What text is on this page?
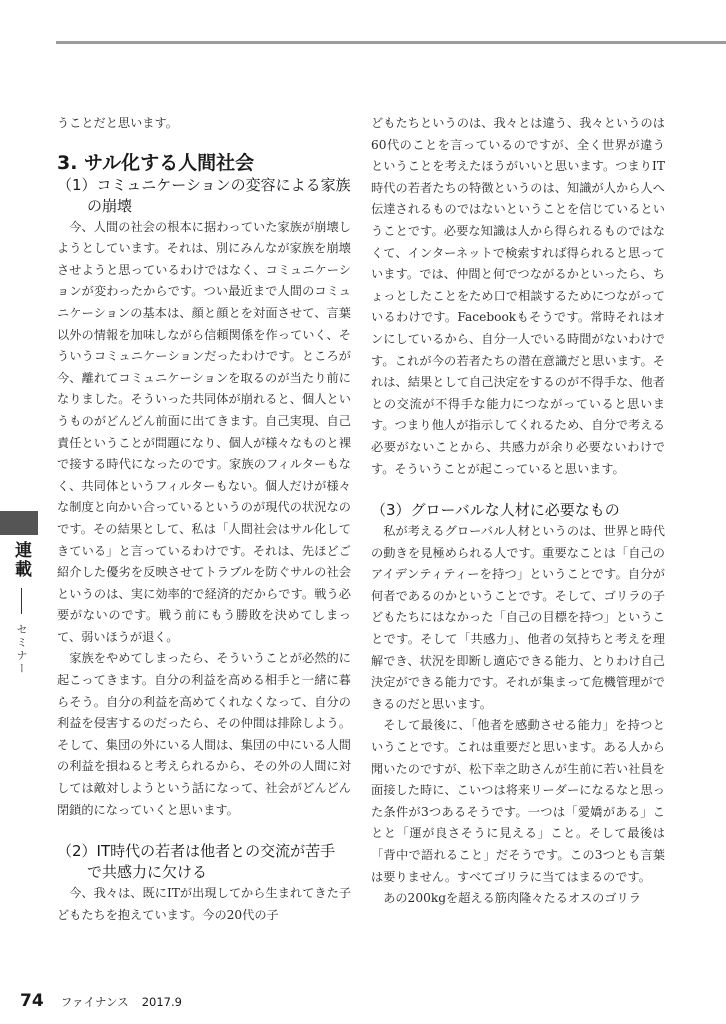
うことだと思います。

3. サル化する人間社会
（1）コミュニケーションの変容による家族
の崩壊

今、人間の社会の根本に据わっていた家族が崩壊しようとしています。それは、別にみんなが家族を崩壊させようと思っているわけではなく、コミュニケーションが変わったからです。つい最近まで人間のコミュニケーションの基本は、顔と顔とを対面させて、言葉以外の情報を加味しながら信頼関係を作っていく、そういうコミュニケーションだったわけです。ところが今、離れてコミュニケーションを取るのが当たり前になりました。そういった共同体が崩れると、個人というものがどんどん前面に出てきます。自己実現、自己責任ということが問題になり、個人が様々なものと裸で接する時代になったのです。家族のフィルターもなく、共同体というフィルターもない。個人だけが様々な制度と向かい合っているというのが現代の状況なのです。その結果として、私は「人間社会はサル化してきている」と言っているわけです。それは、先ほどご紹介した優劣を反映させてトラブルを防ぐサルの社会というのは、実に効率的で経済的だからです。戦う必要がないのです。戦う前にもう勝敗を決めてしまって、弱いほうが退く。

家族をやめてしまったら、そういうことが必然的に起こってきます。自分の利益を高める相手と一緒に暮らそう。自分の利益を高めてくれなくなって、自分の利益を侵害するのだったら、その仲間は排除しよう。そして、集団の外にいる人間は、集団の中にいる人間の利益を損ねると考えられるから、その外の人間に対しては敵対しようという話になって、社会がどんどん閉鎖的になっていくと思います。

（2）IT時代の若者は他者との交流が苦手
で共感力に欠ける

今、我々は、既にITが出現してから生まれてきた子どもたちを抱えています。今の20代の子

どもたちというのは、我々とは違う、我々というのは60代のことを言っているのですが、全く世界が違うということを考えたほうがいいと思います。つまりIT時代の若者たちの特徴というのは、知識が人から人へ伝達されるものではないということを信じているということです。必要な知識は人から得られるものではなくて、インターネットで検索すれば得られると思っています。では、仲間と何でつながるかといったら、ちょっとしたことをため口で相談するためにつながっているわけです。Facebookもそうです。常時それはオンにしているから、自分一人でいる時間がないわけです。これが今の若者たちの潜在意識だと思います。それは、結果として自己決定をするのが不得手な、他者との交流が不得手な能力につながっていると思います。つまり他人が指示してくれるため、自分で考える必要がないことから、共感力が余り必要ないわけです。そういうことが起こっていると思います。

（3）グローバルな人材に必要なもの

私が考えるグローバル人材というのは、世界と時代の動きを見極められる人です。重要なことは「自己のアイデンティティーを持つ」ということです。自分が何者であるのかということです。そして、ゴリラの子どもたちにはなかった「自己の目標を持つ」ということです。そして「共感力」、他者の気持ちと考えを理解でき、状況を即断し適応できる能力、とりわけ自己決定ができる能力です。それが集まって危機管理ができるのだと思います。

そして最後に、「他者を感動させる能力」を持つということです。これは重要だと思います。ある人から聞いたのですが、松下幸之助さんが生前に若い社員を面接した時に、こいつは将来リーダーになるなと思った条件が3つあるそうです。一つは「愛嬌がある」ことと「運が良さそうに見える」こと。そして最後は「背中で語れること」だそうです。この3つとも言葉は要りません。すべてゴリラに当てはまるのです。

あの200kgを超える筋肉隆々たるオスのゴリラ

連載  セミナー
74 ファイナンス 2017.9
